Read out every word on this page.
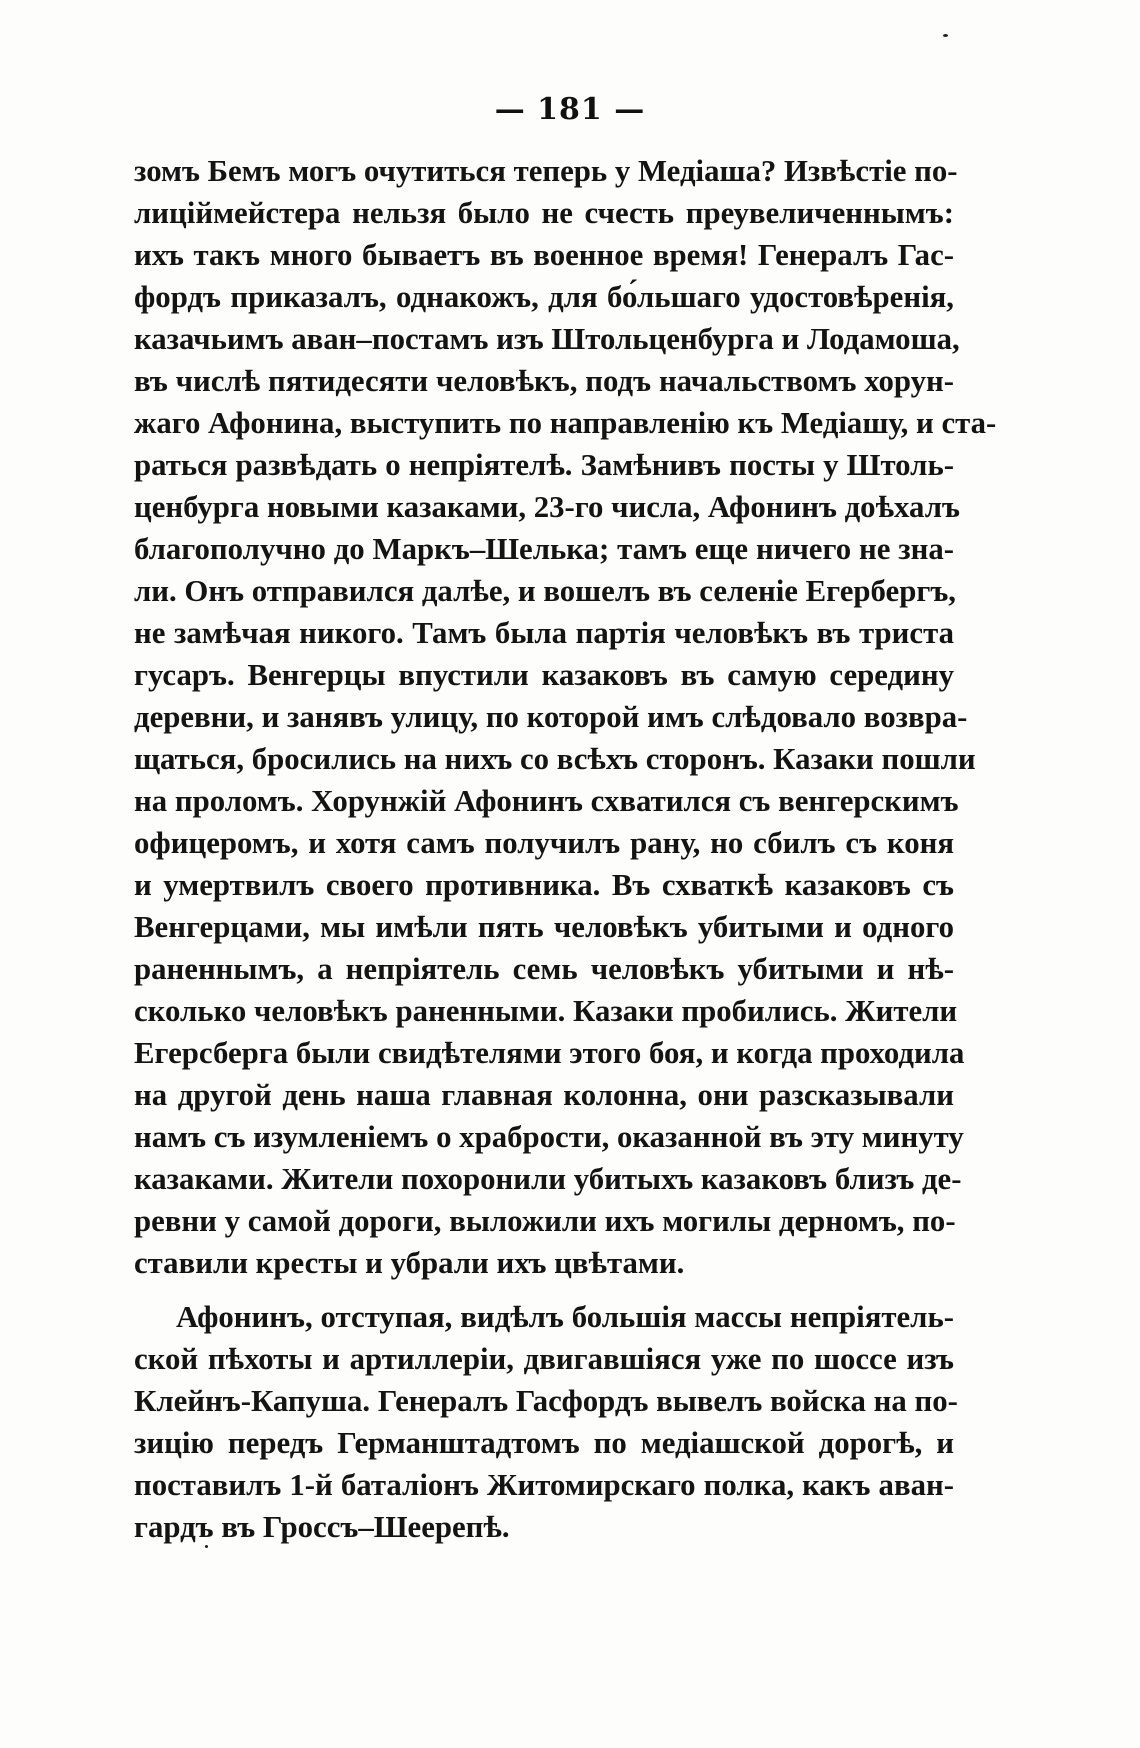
— 181 —
зомъ Бемъ могъ очутиться теперь у Медіаша? Извѣстіе по-
лиціймейстера нельзя было не счесть преувеличеннымъ:
ихъ такъ много бываетъ въ военное время! Генералъ Гас-
фордъ приказалъ, однакожъ, для бо́льшаго удостовѣренія,
казачьимъ аван–постамъ изъ Штольценбурга и Лодамоша,
въ числѣ пятидесяти человѣкъ, подъ начальствомъ хорун-
жаго Афонина, выступить по направленію къ Медіашу, и ста-
раться развѣдать о непріятелѣ. Замѣнивъ посты у Штоль-
ценбурга новыми казаками, 23-го числа, Афонинъ доѣхалъ
благополучно до Маркъ–Шелька; тамъ еще ничего не зна-
ли. Онъ отправился далѣе, и вошелъ въ селеніе Егербергъ,
не замѣчая никого. Тамъ была партія человѣкъ въ триста
гусаръ. Венгерцы впустили казаковъ въ самую середину
деревни, и занявъ улицу, по которой имъ слѣдовало возвра-
щаться, бросились на нихъ со всѣхъ сторонъ. Казаки пошли
на проломъ. Хорунжій Афонинъ схватился съ венгерскимъ
офицеромъ, и хотя самъ получилъ рану, но сбилъ съ коня
и умертвилъ своего противника. Въ схваткѣ казаковъ съ
Венгерцами, мы имѣли пять человѣкъ убитыми и одного
раненнымъ, а непріятель семь человѣкъ убитыми и нѣ-
сколько человѣкъ раненными. Казаки пробились. Жители
Егерсберга были свидѣтелями этого боя, и когда проходила
на другой день наша главная колонна, они разсказывали
намъ съ изумленіемъ о храбрости, оказанной въ эту минуту
казаками. Жители похоронили убитыхъ казаковъ близъ де-
ревни у самой дороги, выложили ихъ могилы дерномъ, по-
ставили кресты и убрали ихъ цвѣтами.
Афонинъ, отступая, видѣлъ большія массы непріятель-
ской пѣхоты и артиллеріи, двигавшіяся уже по шоссе изъ
Клейнъ-Капуша. Генералъ Гасфордъ вывелъ войска на по-
зицію передъ Германштадтомъ по медіашской дорогѣ, и
поставилъ 1-й баталіонъ Житомирскаго полка, какъ аван-
гардъ въ Гроссъ–Шеерепѣ.
